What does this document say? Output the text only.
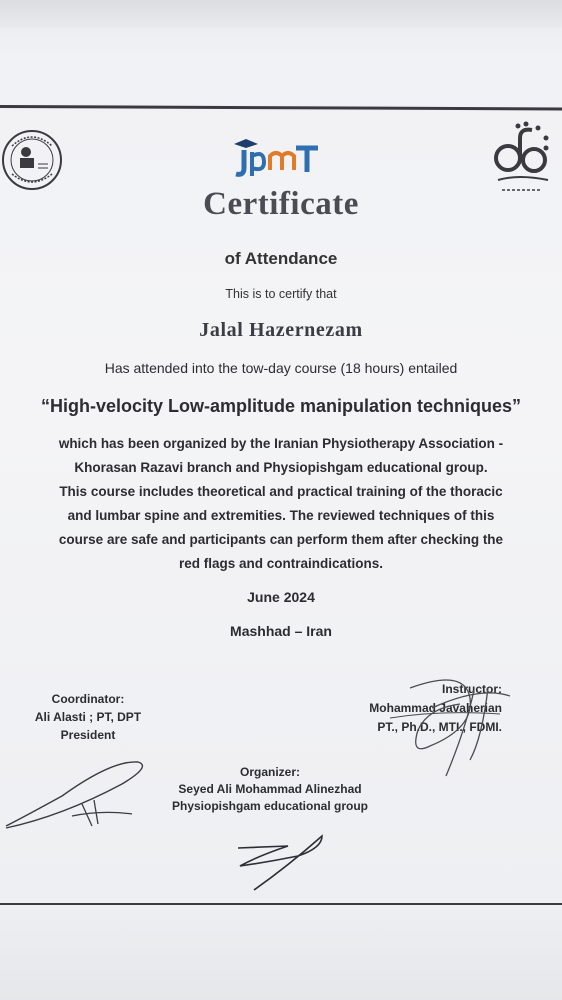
Certificate
of Attendance
This is to certify that
Jalal Hazernezam
Has attended into the tow-day course (18 hours) entailed
“High-velocity Low-amplitude manipulation techniques”
which has been organized by the Iranian Physiotherapy Association -
Khorasan Razavi branch and Physiopishgam educational group.
This course includes theoretical and practical training of the thoracic
and lumbar spine and extremities. The reviewed techniques of this
course are safe and participants can perform them after checking the
red flags and contraindications.
June 2024
Mashhad – Iran
Coordinator:
Ali Alasti ; PT, DPT
President
Instructor:
Mohammad Javaherian
PT., Ph.D., MTI., FDMI.
Organizer:
Seyed Ali Mohammad Alinezhad
Physiopishgam educational group
